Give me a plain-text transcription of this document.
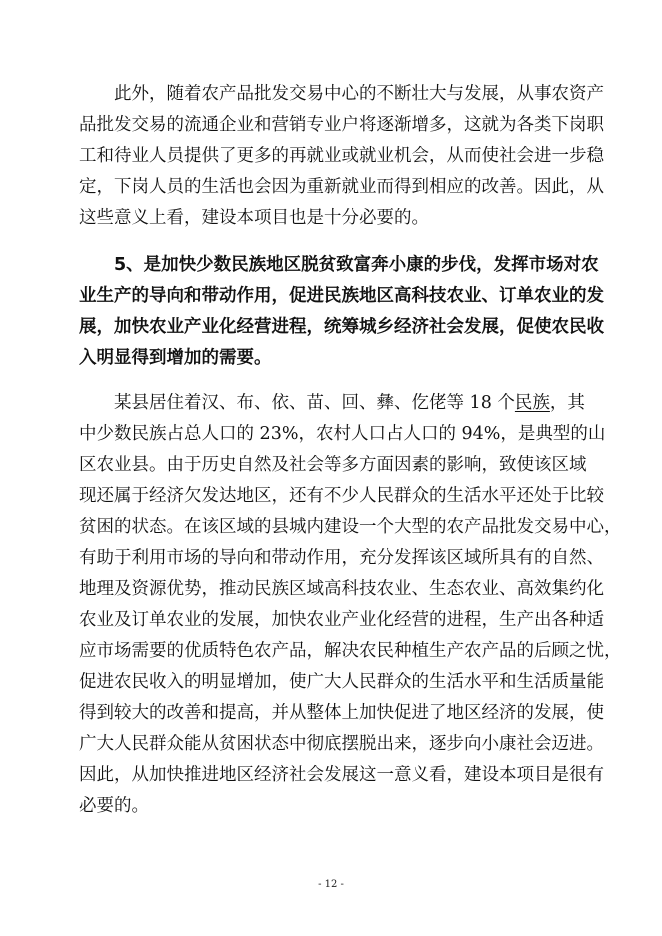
此外，随着农产品批发交易中心的不断壮大与发展，从事农资产
品批发交易的流通企业和营销专业户将逐渐增多，这就为各类下岗职
工和待业人员提供了更多的再就业或就业机会，从而使社会进一步稳
定，下岗人员的生活也会因为重新就业而得到相应的改善。因此，从
这些意义上看，建设本项目也是十分必要的。

5、是加快少数民族地区脱贫致富奔小康的步伐，发挥市场对农
业生产的导向和带动作用，促进民族地区高科技农业、订单农业的发
展，加快农业产业化经营进程，统筹城乡经济社会发展，促使农民收
入明显得到增加的需要。

某县居住着汉、布、依、苗、回、彝、仡佬等 18 个民族，其
中少数民族占总人口的 23%，农村人口占人口的 94%，是典型的山
区农业县。由于历史自然及社会等多方面因素的影响，致使该区域
现还属于经济欠发达地区，还有不少人民群众的生活水平还处于比较
贫困的状态。在该区域的县城内建设一个大型的农产品批发交易中心，
有助于利用市场的导向和带动作用，充分发挥该区域所具有的自然、
地理及资源优势，推动民族区域高科技农业、生态农业、高效集约化
农业及订单农业的发展，加快农业产业化经营的进程，生产出各种适
应市场需要的优质特色农产品，解决农民种植生产农产品的后顾之忧，
促进农民收入的明显增加，使广大人民群众的生活水平和生活质量能
得到较大的改善和提高，并从整体上加快促进了地区经济的发展，使
广大人民群众能从贫困状态中彻底摆脱出来，逐步向小康社会迈进。
因此，从加快推进地区经济社会发展这一意义看，建设本项目是很有
必要的。

- 12 -
